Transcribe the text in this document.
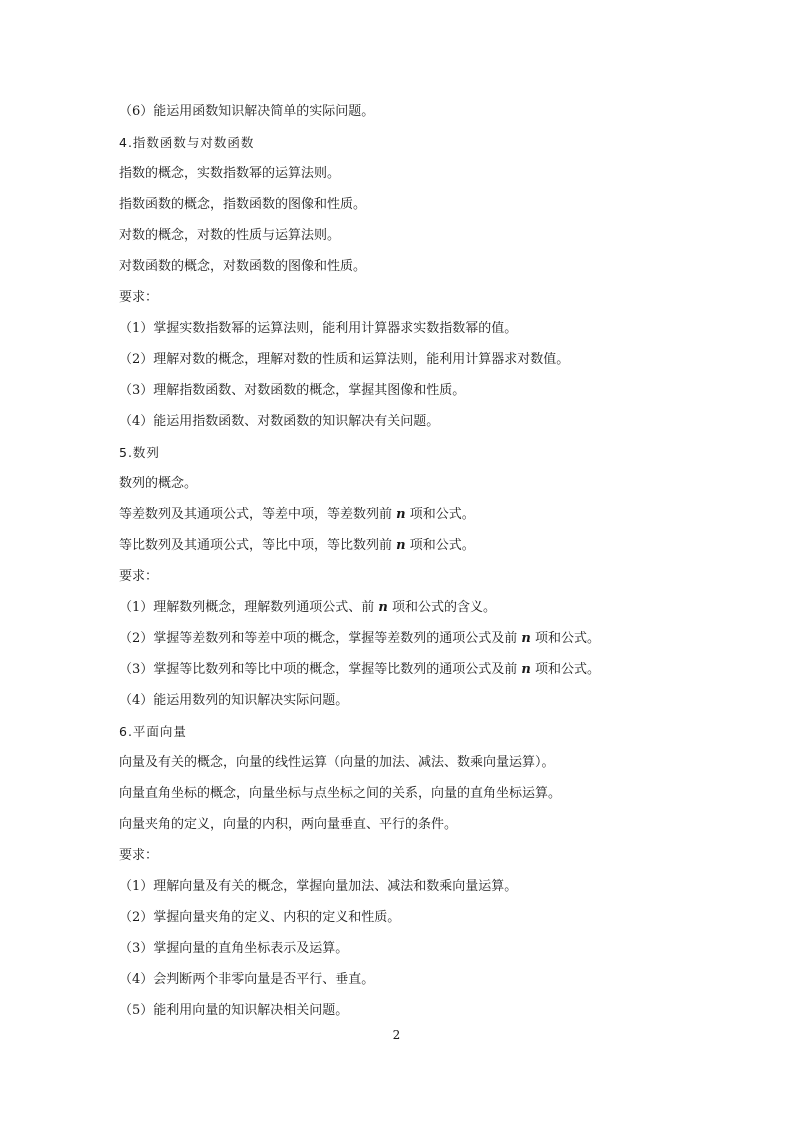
（6）能运用函数知识解决简单的实际问题。
4.指数函数与对数函数
指数的概念，实数指数幂的运算法则。
指数函数的概念，指数函数的图像和性质。
对数的概念，对数的性质与运算法则。
对数函数的概念，对数函数的图像和性质。
要求：
（1）掌握实数指数幂的运算法则，能利用计算器求实数指数幂的值。
（2）理解对数的概念，理解对数的性质和运算法则，能利用计算器求对数值。
（3）理解指数函数、对数函数的概念，掌握其图像和性质。
（4）能运用指数函数、对数函数的知识解决有关问题。
5.数列
数列的概念。
等差数列及其通项公式，等差中项，等差数列前 n 项和公式。
等比数列及其通项公式，等比中项，等比数列前 n 项和公式。
要求：
（1）理解数列概念，理解数列通项公式、前 n 项和公式的含义。
（2）掌握等差数列和等差中项的概念，掌握等差数列的通项公式及前 n 项和公式。
（3）掌握等比数列和等比中项的概念，掌握等比数列的通项公式及前 n 项和公式。
（4）能运用数列的知识解决实际问题。
6.平面向量
向量及有关的概念，向量的线性运算（向量的加法、减法、数乘向量运算）。
向量直角坐标的概念，向量坐标与点坐标之间的关系，向量的直角坐标运算。
向量夹角的定义，向量的内积，两向量垂直、平行的条件。
要求：
（1）理解向量及有关的概念，掌握向量加法、减法和数乘向量运算。
（2）掌握向量夹角的定义、内积的定义和性质。
（3）掌握向量的直角坐标表示及运算。
（4）会判断两个非零向量是否平行、垂直。
（5）能利用向量的知识解决相关问题。
2
